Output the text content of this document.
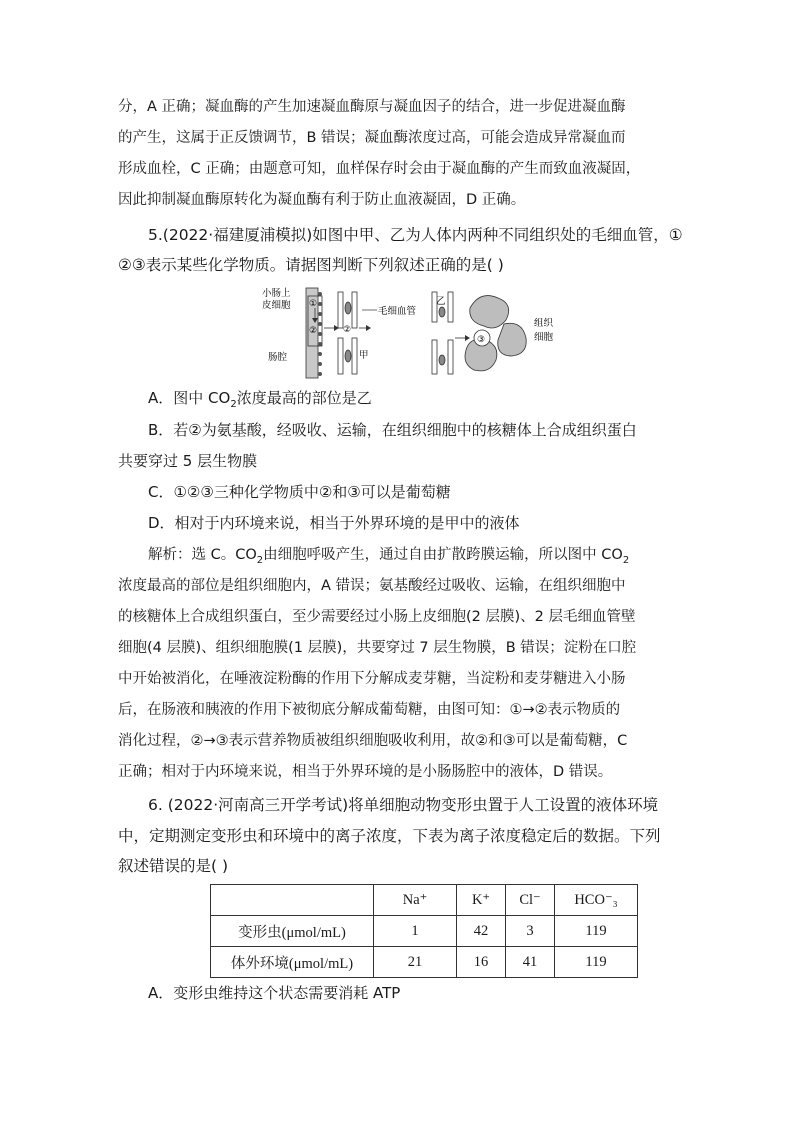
分，A 正确；凝血酶的产生加速凝血酶原与凝血因子的结合，进一步促进凝血酶
的产生，这属于正反馈调节，B 错误；凝血酶浓度过高，可能会造成异常凝血而
形成血栓，C 正确；由题意可知，血样保存时会由于凝血酶的产生而致血液凝固，
因此抑制凝血酶原转化为凝血酶有利于防止血液凝固，D 正确。
5.(2022·福建厦浦模拟)如图中甲、乙为人体内两种不同组织处的毛细血管，①
②③表示某些化学物质。请据图判断下列叙述正确的是( )
小肠上
皮细胞
肠腔
毛细血管
乙
甲
组织
细胞
①
②	②
③
A．图中 $CO_2$浓度最高的部位是乙
B．若②为氨基酸，经吸收、运输，在组织细胞中的核糖体上合成组织蛋白
共要穿过 5 层生物膜
C．①②③三种化学物质中②和③可以是葡萄糖
D．相对于内环境来说，相当于外界环境的是甲中的液体
解析：选 C。$CO_2$由细胞呼吸产生，通过自由扩散跨膜运输，所以图中 $CO_2$
浓度最高的部位是组织细胞内，A 错误；氨基酸经过吸收、运输，在组织细胞中
的核糖体上合成组织蛋白，至少需要经过小肠上皮细胞(2 层膜)、2 层毛细血管壁
细胞(4 层膜)、组织细胞膜(1 层膜)，共要穿过 7 层生物膜，B 错误；淀粉在口腔
中开始被消化，在唾液淀粉酶的作用下分解成麦芽糖，当淀粉和麦芽糖进入小肠
后，在肠液和胰液的作用下被彻底分解成葡萄糖，由图可知：①→②表示物质的
消化过程，②→③表示营养物质被组织细胞吸收利用，故②和③可以是葡萄糖，C
正确；相对于内环境来说，相当于外界环境的是小肠肠腔中的液体，D 错误。
6. (2022·河南高三开学考试)将单细胞动物变形虫置于人工设置的液体环境
中，定期测定变形虫和环境中的离子浓度，下表为离子浓度稳定后的数据。下列
叙述错误的是( )
	Na⁺	K⁺	Cl⁻	HCO⁻₃
变形虫(μmol/mL)	1	42	3	119
体外环境(μmol/mL)	21	16	41	119
A．变形虫维持这个状态需要消耗 ATP
